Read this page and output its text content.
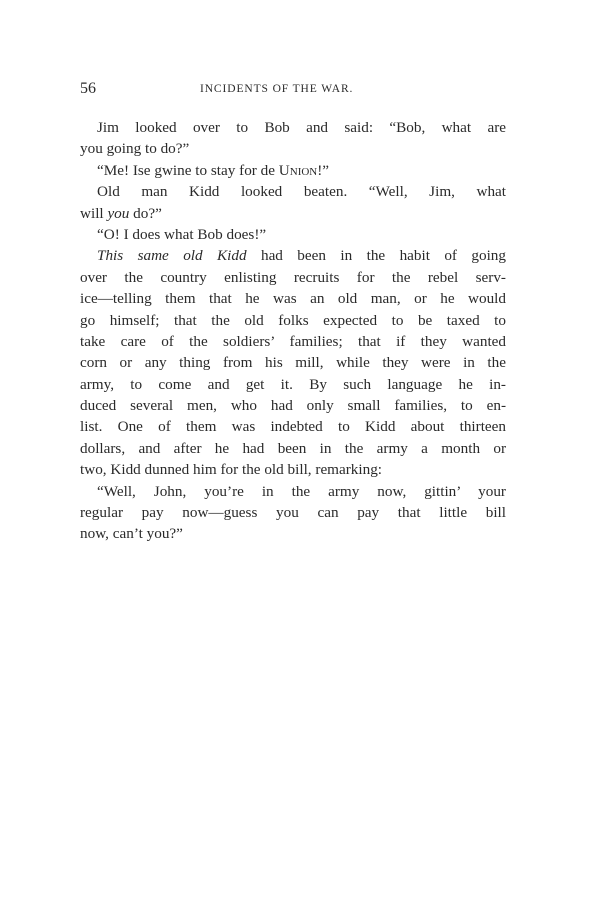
56	INCIDENTS OF THE WAR.
Jim looked over to Bob and said: “Bob, what are
you going to do?”
“Me! Ise gwine to stay for de Union!”
Old man Kidd looked beaten. “Well, Jim, what
will you do?”
“O! I does what Bob does!”
This same old Kidd had been in the habit of going
over the country enlisting recruits for the rebel serv-
ice—telling them that he was an old man, or he would
go himself; that the old folks expected to be taxed to
take care of the soldiers’ families; that if they wanted
corn or any thing from his mill, while they were in the
army, to come and get it. By such language he in-
duced several men, who had only small families, to en-
list. One of them was indebted to Kidd about thirteen
dollars, and after he had been in the army a month or
two, Kidd dunned him for the old bill, remarking:
“Well, John, you’re in the army now, gittin’ your
regular pay now—guess you can pay that little bill
now, can’t you?”
